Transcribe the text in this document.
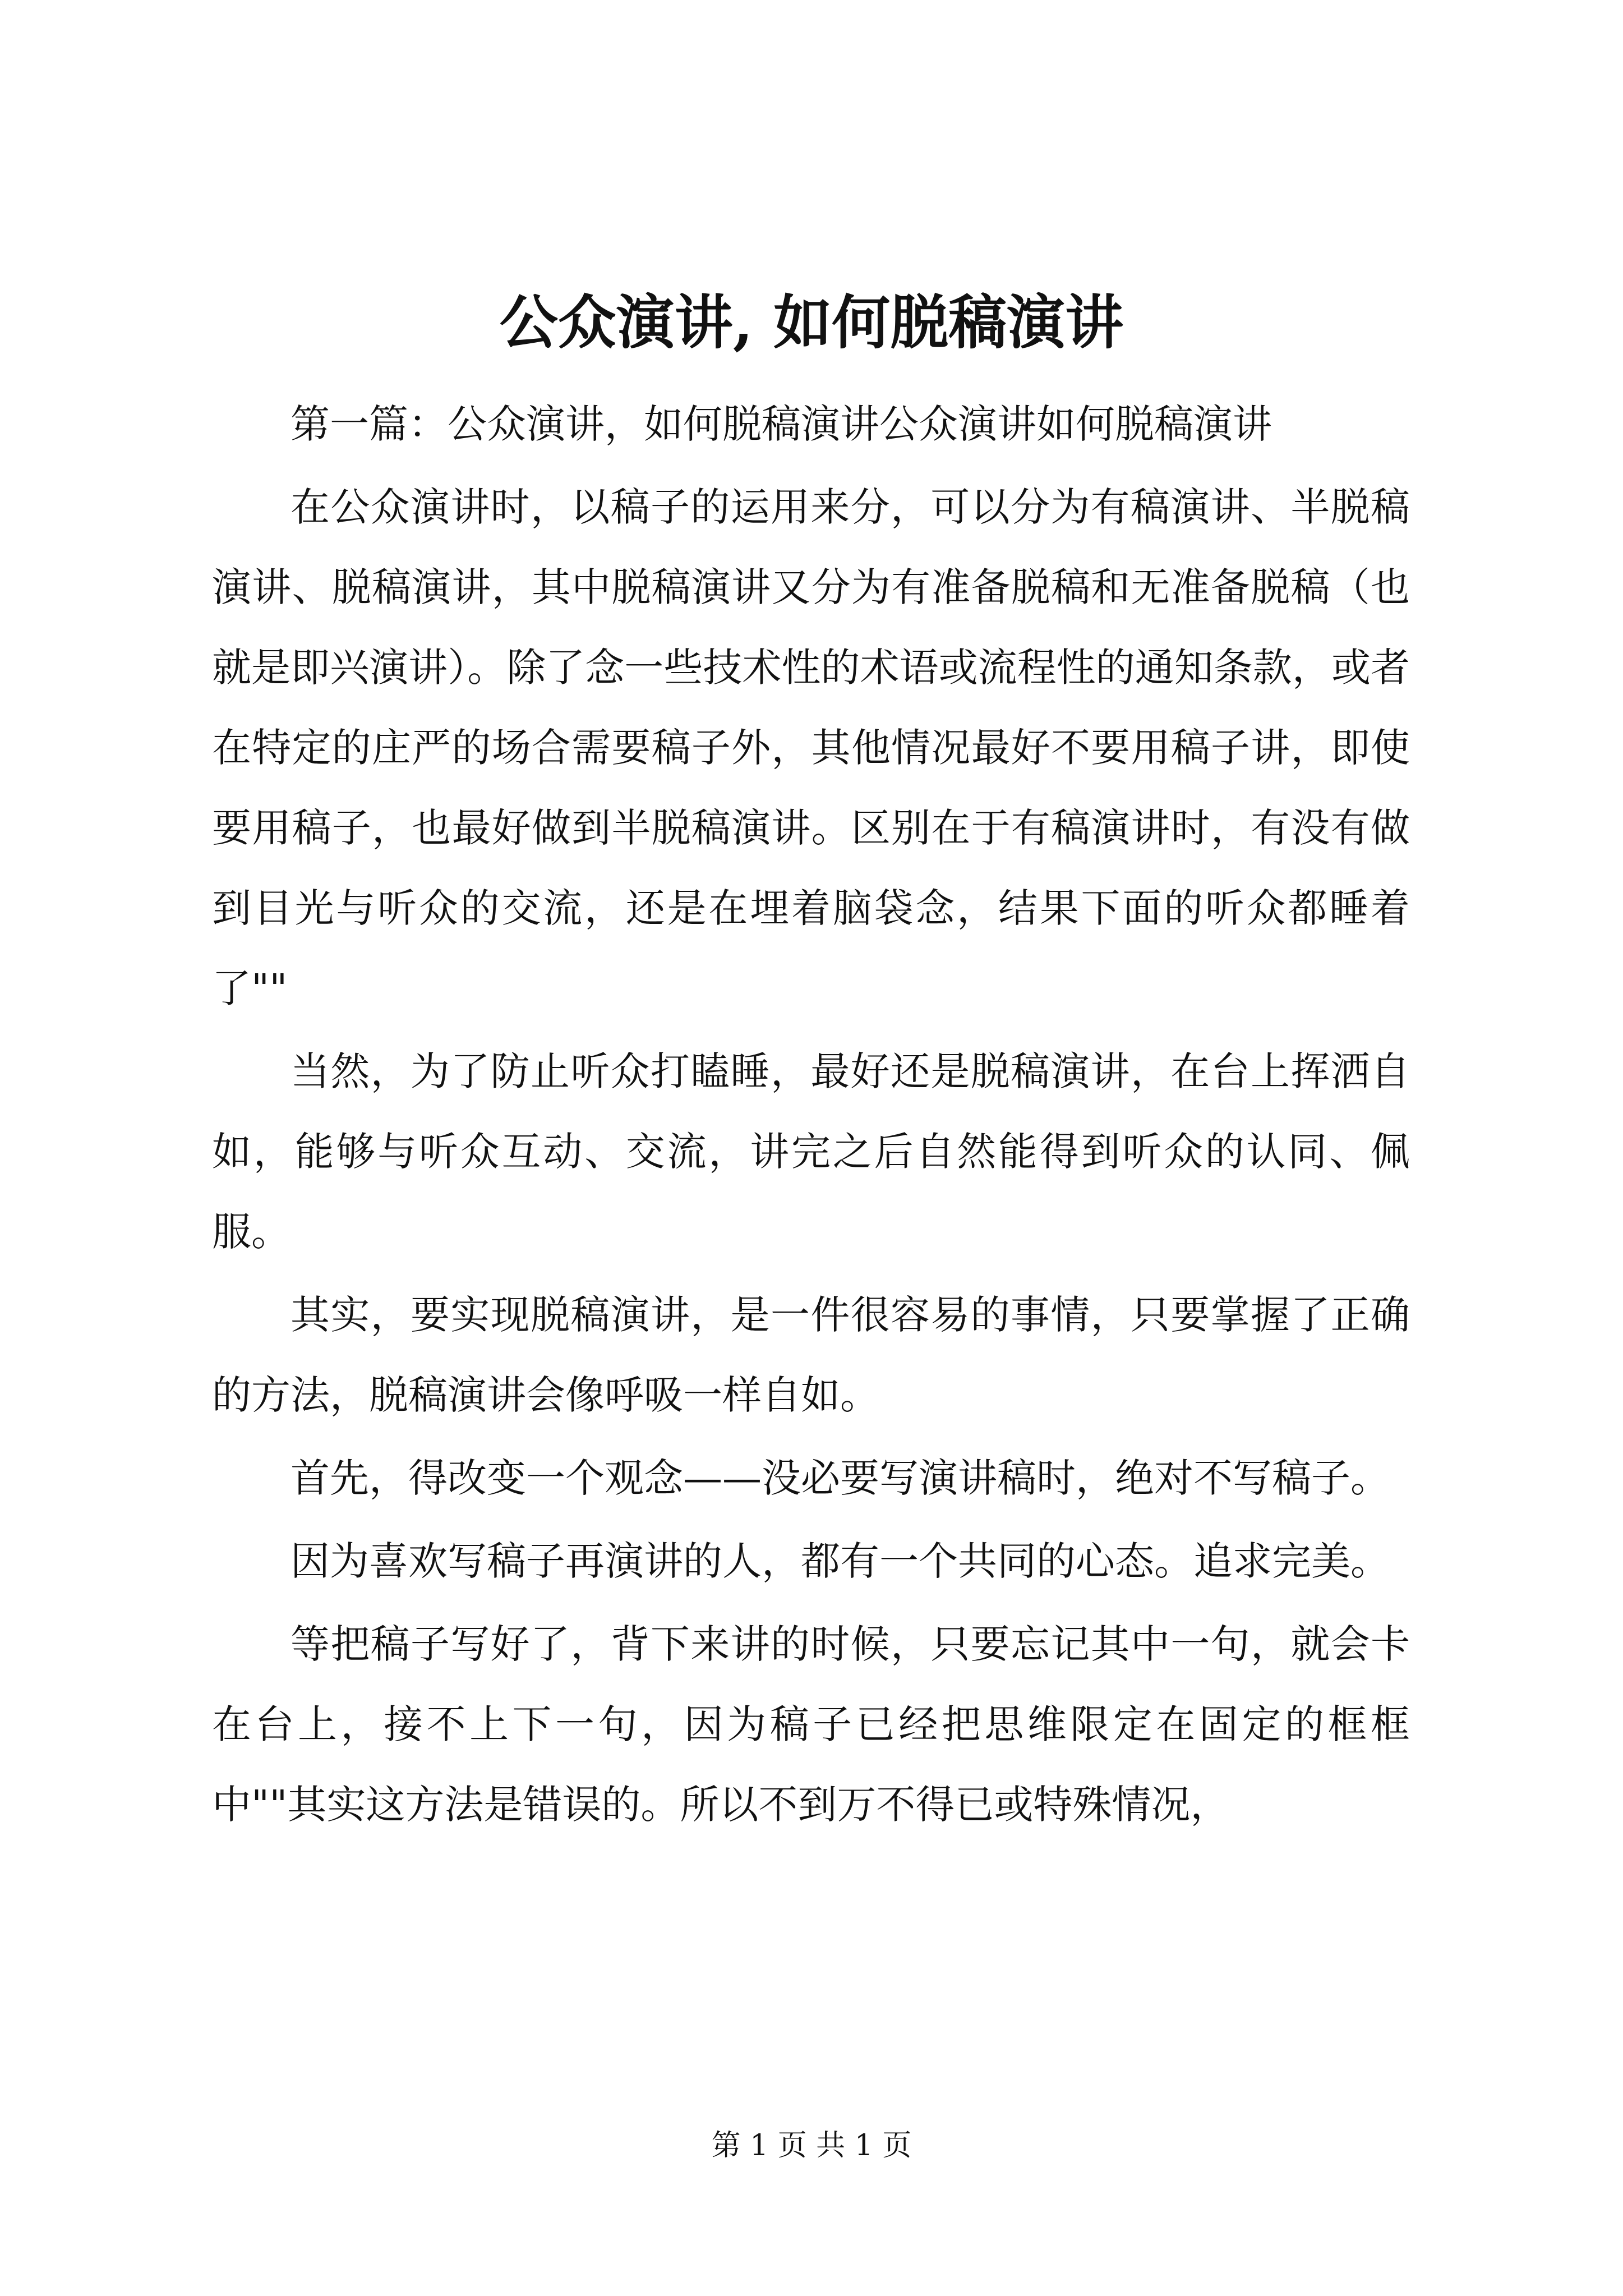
公众演讲, 如何脱稿演讲

第一篇：公众演讲，如何脱稿演讲公众演讲如何脱稿演讲

在公众演讲时，以稿子的运用来分，可以分为有稿演讲、半脱稿演讲、脱稿演讲，其中脱稿演讲又分为有准备脱稿和无准备脱稿（也就是即兴演讲）。除了念一些技术性的术语或流程性的通知条款，或者在特定的庄严的场合需要稿子外，其他情况最好不要用稿子讲，即使要用稿子，也最好做到半脱稿演讲。区别在于有稿演讲时，有没有做到目光与听众的交流，还是在埋着脑袋念，结果下面的听众都睡着了""

当然，为了防止听众打瞌睡，最好还是脱稿演讲，在台上挥洒自如，能够与听众互动、交流，讲完之后自然能得到听众的认同、佩服。

其实，要实现脱稿演讲，是一件很容易的事情，只要掌握了正确的方法，脱稿演讲会像呼吸一样自如。

首先，得改变一个观念——没必要写演讲稿时，绝对不写稿子。

因为喜欢写稿子再演讲的人，都有一个共同的心态。追求完美。

等把稿子写好了，背下来讲的时候，只要忘记其中一句，就会卡在台上，接不上下一句，因为稿子已经把思维限定在固定的框框中""其实这方法是错误的。所以不到万不得已或特殊情况，

第 1 页 共 1 页
